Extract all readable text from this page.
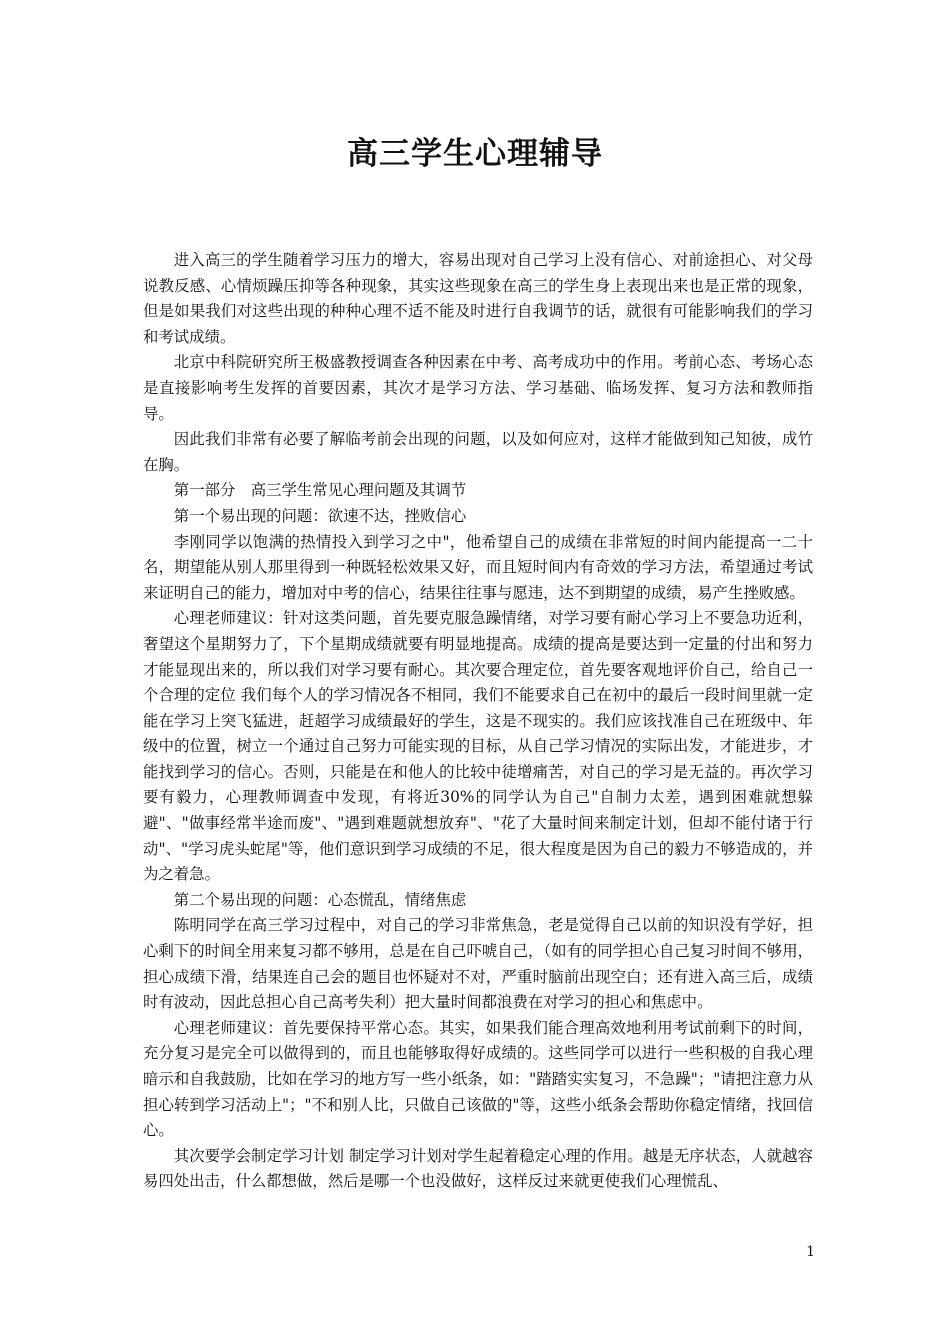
高三学生心理辅导

进入高三的学生随着学习压力的增大，容易出现对自己学习上没有信心、对前途担心、对父母说教反感、心情烦躁压抑等各种现象，其实这些现象在高三的学生身上表现出来也是正常的现象，但是如果我们对这些出现的种种心理不适不能及时进行自我调节的话，就很有可能影响我们的学习和考试成绩。

北京中科院研究所王极盛教授调查各种因素在中考、高考成功中的作用。考前心态、考场心态是直接影响考生发挥的首要因素，其次才是学习方法、学习基础、临场发挥、复习方法和教师指导。

因此我们非常有必要了解临考前会出现的问题，以及如何应对，这样才能做到知己知彼，成竹在胸。

第一部分　高三学生常见心理问题及其调节

第一个易出现的问题：欲速不达，挫败信心

李刚同学以饱满的热情投入到学习之中"，他希望自己的成绩在非常短的时间内能提高一二十名，期望能从别人那里得到一种既轻松效果又好，而且短时间内有奇效的学习方法，希望通过考试来证明自己的能力，增加对中考的信心，结果往往事与愿违，达不到期望的成绩，易产生挫败感。

心理老师建议：针对这类问题，首先要克服急躁情绪，对学习要有耐心学习上不要急功近利，奢望这个星期努力了，下个星期成绩就要有明显地提高。成绩的提高是要达到一定量的付出和努力才能显现出来的，所以我们对学习要有耐心。其次要合理定位，首先要客观地评价自己，给自己一个合理的定位 我们每个人的学习情况各不相同，我们不能要求自己在初中的最后一段时间里就一定能在学习上突飞猛进，赶超学习成绩最好的学生，这是不现实的。我们应该找准自己在班级中、年级中的位置，树立一个通过自己努力可能实现的目标，从自己学习情况的实际出发，才能进步，才能找到学习的信心。否则，只能是在和他人的比较中徒增痛苦，对自己的学习是无益的。再次学习要有毅力，心理教师调查中发现，有将近30%的同学认为自己"自制力太差，遇到困难就想躲避"、"做事经常半途而废"、"遇到难题就想放弃"、"花了大量时间来制定计划，但却不能付诸于行动"、"学习虎头蛇尾"等，他们意识到学习成绩的不足，很大程度是因为自己的毅力不够造成的，并为之着急。

第二个易出现的问题：心态慌乱，情绪焦虑

陈明同学在高三学习过程中，对自己的学习非常焦急，老是觉得自己以前的知识没有学好，担心剩下的时间全用来复习都不够用，总是在自己吓唬自己，（如有的同学担心自己复习时间不够用，担心成绩下滑，结果连自己会的题目也怀疑对不对，严重时脑前出现空白；还有进入高三后，成绩时有波动，因此总担心自己高考失利）把大量时间都浪费在对学习的担心和焦虑中。

心理老师建议：首先要保持平常心态。其实，如果我们能合理高效地利用考试前剩下的时间，充分复习是完全可以做得到的，而且也能够取得好成绩的。这些同学可以进行一些积极的自我心理暗示和自我鼓励，比如在学习的地方写一些小纸条，如："踏踏实实复习，不急躁"；"请把注意力从担心转到学习活动上"；"不和别人比，只做自己该做的"等，这些小纸条会帮助你稳定情绪，找回信心。

其次要学会制定学习计划 制定学习计划对学生起着稳定心理的作用。越是无序状态，人就越容易四处出击，什么都想做，然后是哪一个也没做好，这样反过来就更使我们心理慌乱、

1
